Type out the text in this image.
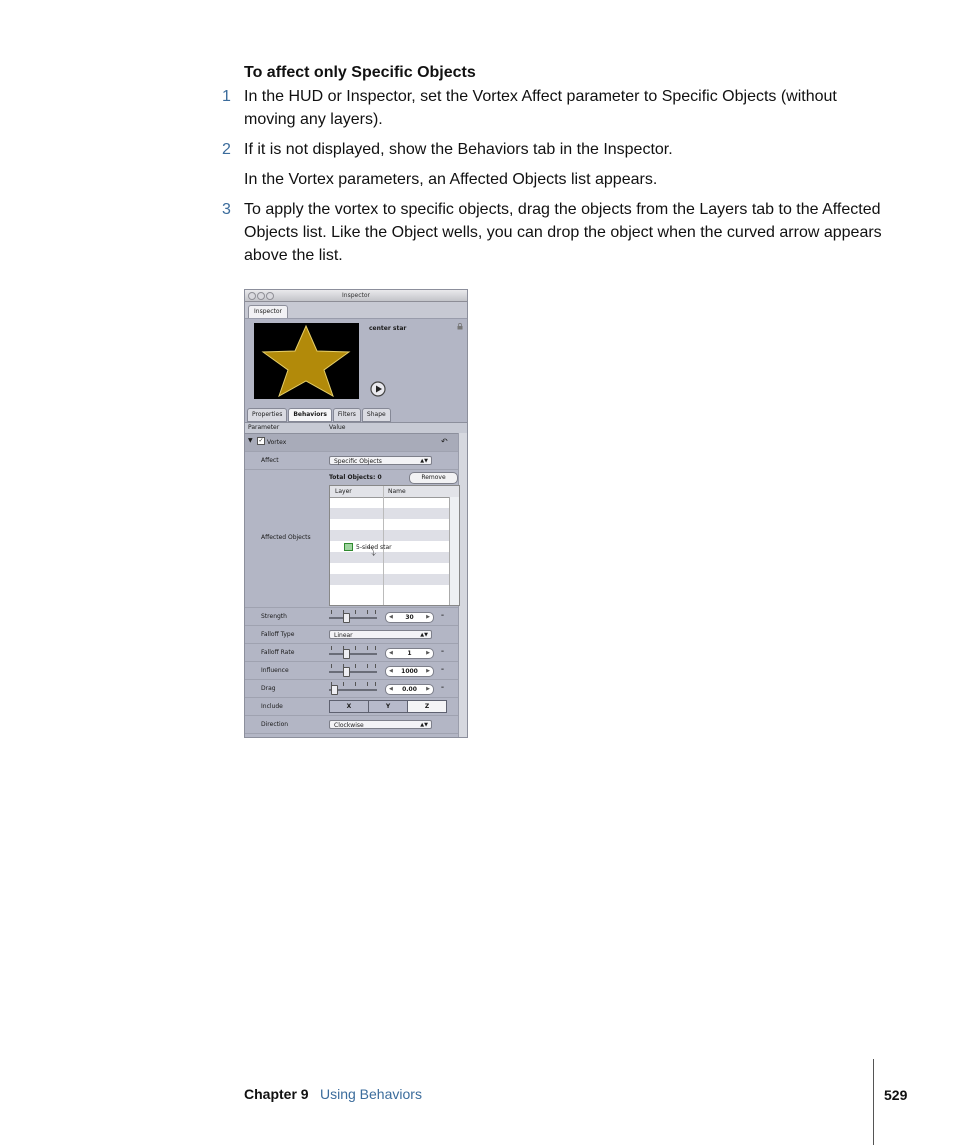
To affect only Specific Objects
1 In the HUD or Inspector, set the Vortex Affect parameter to Specific Objects (without moving any layers).
2 If it is not displayed, show the Behaviors tab in the Inspector.
In the Vortex parameters, an Affected Objects list appears.
3 To apply the vortex to specific objects, drag the objects from the Layers tab to the Affected Objects list. Like the Object wells, you can drop the object when the curved arrow appears above the list.
Inspector
Inspector
center star
Properties	Behaviors	Filters	Shape
Parameter	Value
▼ ✓ Vortex	↶
Affect	Specific Objects	▲▼
Affected Objects
Total Objects: 0	Remove
Layer	Name
5-sided star
⤵
Strength	◀ 30 ▶ –
Falloff Type	Linear	▲▼
Falloff Rate	◀ 1	▶ –
Influence	◀ 1000 ▶ –
Drag	◀ 0.00 ▶ –
Include	X	Y	Z
Direction	Clockwise	▲▼
Chapter 9 Using Behaviors	529
